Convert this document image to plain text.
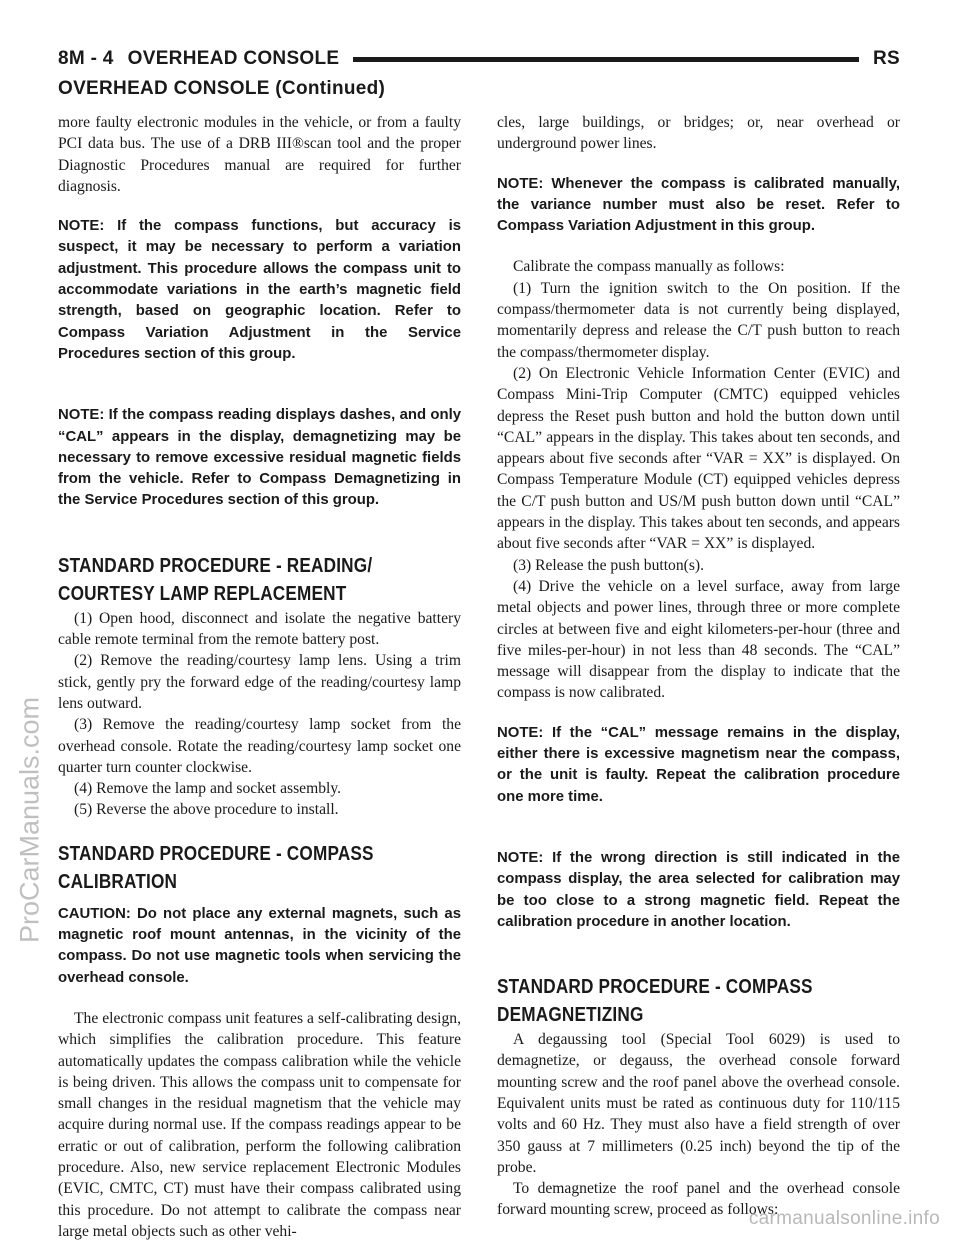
8M - 4 OVERHEAD CONSOLE	RS
OVERHEAD CONSOLE (Continued)

more faulty electronic modules in the vehicle, or from a faulty PCI data bus. The use of a DRB III®scan tool and the proper Diagnostic Procedures manual are required for further diagnosis.

NOTE: If the compass functions, but accuracy is suspect, it may be necessary to perform a variation adjustment. This procedure allows the compass unit to accommodate variations in the earth’s magnetic field strength, based on geographic location. Refer to Compass Variation Adjustment in the Service Procedures section of this group.

NOTE: If the compass reading displays dashes, and only “CAL” appears in the display, demagnetizing may be necessary to remove excessive residual magnetic fields from the vehicle. Refer to Compass Demagnetizing in the Service Procedures section of this group.

STANDARD PROCEDURE - READING/
COURTESY LAMP REPLACEMENT

(1) Open hood, disconnect and isolate the negative battery cable remote terminal from the remote battery post.

(2) Remove the reading/courtesy lamp lens. Using a trim stick, gently pry the forward edge of the reading/courtesy lamp lens outward.

(3) Remove the reading/courtesy lamp socket from the overhead console. Rotate the reading/courtesy lamp socket one quarter turn counter clockwise.

(4) Remove the lamp and socket assembly.

(5) Reverse the above procedure to install.

STANDARD PROCEDURE - COMPASS
CALIBRATION

CAUTION: Do not place any external magnets, such as magnetic roof mount antennas, in the vicinity of the compass. Do not use magnetic tools when servicing the overhead console.

The electronic compass unit features a self-calibrating design, which simplifies the calibration procedure. This feature automatically updates the compass calibration while the vehicle is being driven. This allows the compass unit to compensate for small changes in the residual magnetism that the vehicle may acquire during normal use. If the compass readings appear to be erratic or out of calibration, perform the following calibration procedure. Also, new service replacement Electronic Modules (EVIC, CMTC, CT) must have their compass calibrated using this procedure. Do not attempt to calibrate the compass near large metal objects such as other vehi-

cles, large buildings, or bridges; or, near overhead or underground power lines.

NOTE: Whenever the compass is calibrated manually, the variance number must also be reset. Refer to Compass Variation Adjustment in this group.

Calibrate the compass manually as follows:

(1) Turn the ignition switch to the On position. If the compass/thermometer data is not currently being displayed, momentarily depress and release the C/T push button to reach the compass/thermometer display.

(2) On Electronic Vehicle Information Center (EVIC) and Compass Mini-Trip Computer (CMTC) equipped vehicles depress the Reset push button and hold the button down until “CAL” appears in the display. This takes about ten seconds, and appears about five seconds after “VAR = XX” is displayed. On Compass Temperature Module (CT) equipped vehicles depress the C/T push button and US/M push button down until “CAL” appears in the display. This takes about ten seconds, and appears about five seconds after “VAR = XX” is displayed.

(3) Release the push button(s).

(4) Drive the vehicle on a level surface, away from large metal objects and power lines, through three or more complete circles at between five and eight kilometers-per-hour (three and five miles-per-hour) in not less than 48 seconds. The “CAL” message will disappear from the display to indicate that the compass is now calibrated.

NOTE: If the “CAL” message remains in the display, either there is excessive magnetism near the compass, or the unit is faulty. Repeat the calibration procedure one more time.

NOTE: If the wrong direction is still indicated in the compass display, the area selected for calibration may be too close to a strong magnetic field. Repeat the calibration procedure in another location.

STANDARD PROCEDURE - COMPASS
DEMAGNETIZING

A degaussing tool (Special Tool 6029) is used to demagnetize, or degauss, the overhead console forward mounting screw and the roof panel above the overhead console. Equivalent units must be rated as continuous duty for 110/115 volts and 60 Hz. They must also have a field strength of over 350 gauss at 7 millimeters (0.25 inch) beyond the tip of the probe.

To demagnetize the roof panel and the overhead console forward mounting screw, proceed as follows:

ProCarManuals.com
carmanualsonline.info
